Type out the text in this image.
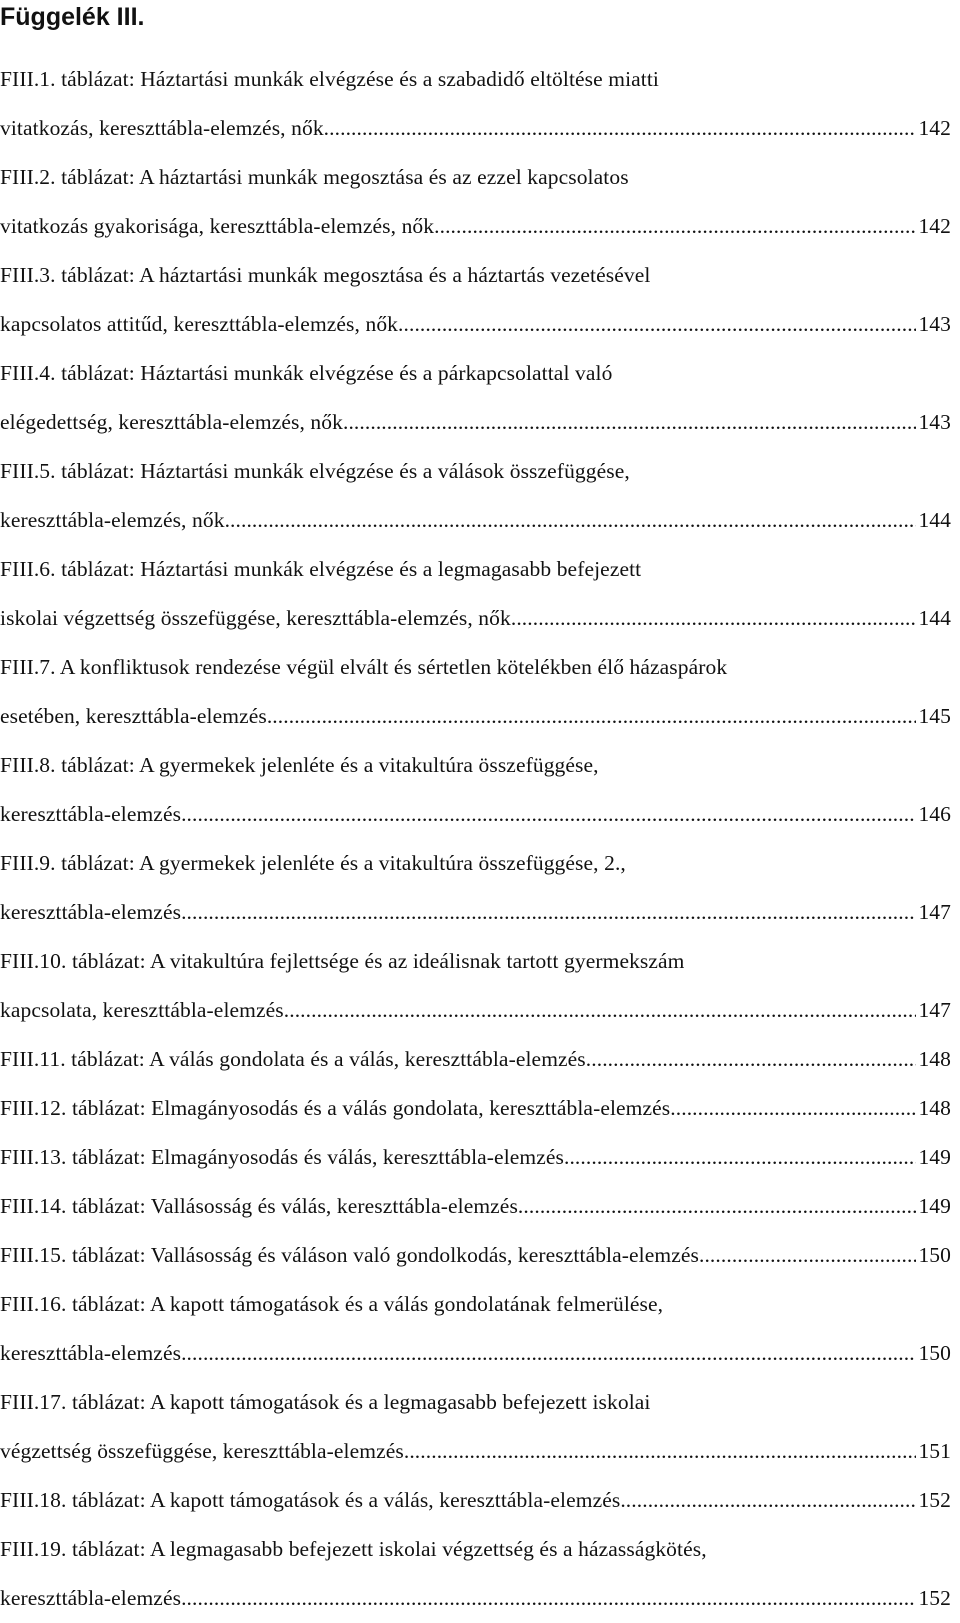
Függelék III.
FIII.1. táblázat: Háztartási munkák elvégzése és a szabadidő eltöltése miatti
vitatkozás, kereszttábla-elemzés, nők .....	142
FIII.2. táblázat: A háztartási munkák megosztása és az ezzel kapcsolatos
vitatkozás gyakorisága, kereszttábla-elemzés, nők .....	142
FIII.3. táblázat: A háztartási munkák megosztása és a háztartás vezetésével
kapcsolatos attitűd, kereszttábla-elemzés, nők .....	143
FIII.4. táblázat: Háztartási munkák elvégzése és a párkapcsolattal való
elégedettség, kereszttábla-elemzés, nők .....	143
FIII.5. táblázat: Háztartási munkák elvégzése és a válások összefüggése,
kereszttábla-elemzés, nők .....	144
FIII.6. táblázat: Háztartási munkák elvégzése és a legmagasabb befejezett
iskolai végzettség összefüggése, kereszttábla-elemzés, nők .....	144
FIII.7. A konfliktusok rendezése végül elvált és sértetlen kötelékben élő házaspárok
esetében, kereszttábla-elemzés .....	145
FIII.8. táblázat: A gyermekek jelenléte és a vitakultúra összefüggése,
kereszttábla-elemzés .....	146
FIII.9. táblázat: A gyermekek jelenléte és a vitakultúra összefüggése, 2.,
kereszttábla-elemzés .....	147
FIII.10. táblázat: A vitakultúra fejlettsége és az ideálisnak tartott gyermekszám
kapcsolata, kereszttábla-elemzés .....	147
FIII.11. táblázat: A válás gondolata és a válás, kereszttábla-elemzés .....	148
FIII.12. táblázat: Elmagányosodás és a válás gondolata, kereszttábla-elemzés .....	148
FIII.13. táblázat: Elmagányosodás és válás, kereszttábla-elemzés .....	149
FIII.14. táblázat: Vallásosság és válás, kereszttábla-elemzés .....	149
FIII.15. táblázat: Vallásosság és váláson való gondolkodás, kereszttábla-elemzés. .....	150
FIII.16. táblázat: A kapott támogatások és a válás gondolatának felmerülése,
kereszttábla-elemzés .....	150
FIII.17. táblázat: A kapott támogatások és a legmagasabb befejezett iskolai
végzettség összefüggése, kereszttábla-elemzés .....	151
FIII.18. táblázat: A kapott támogatások és a válás, kereszttábla-elemzés .....	152
FIII.19. táblázat: A legmagasabb befejezett iskolai végzettség és a házasságkötés,
kereszttábla-elemzés .....	152
